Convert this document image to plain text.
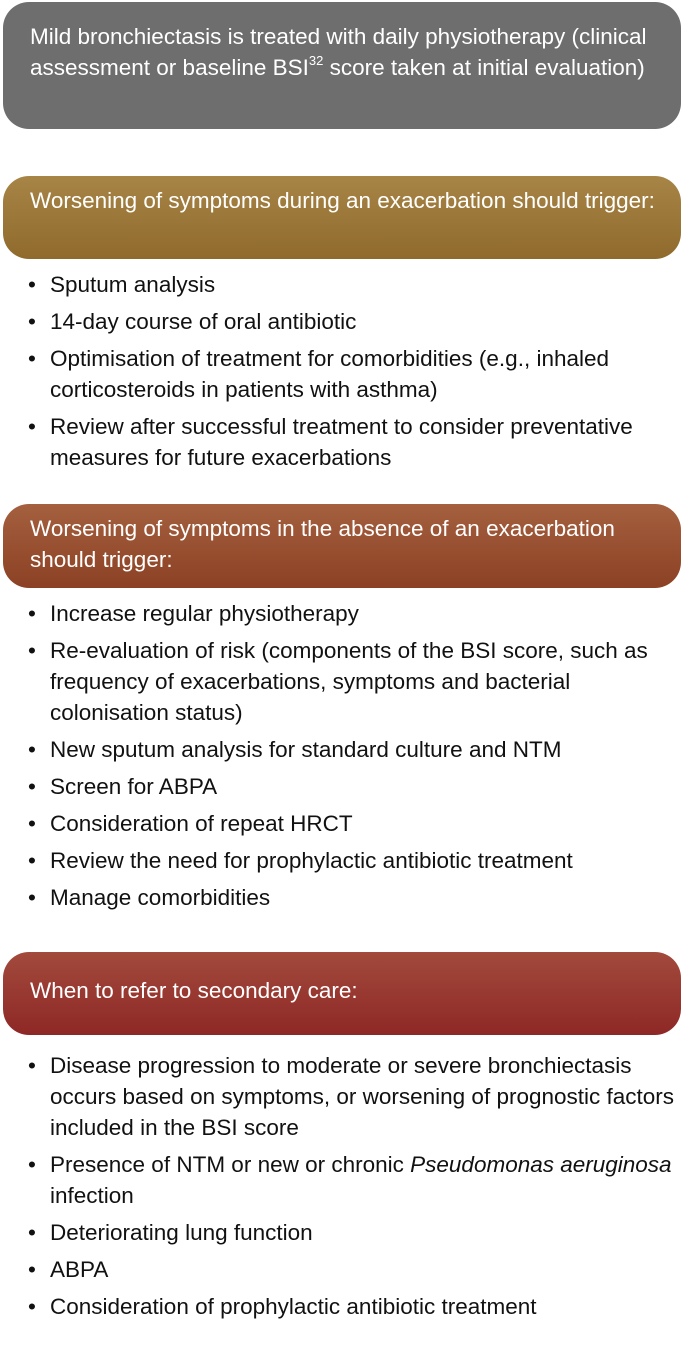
Mild bronchiectasis is treated with daily physiotherapy (clinical assessment or baseline BSI$^{32}$ score taken at initial evaluation)
Worsening of symptoms during an exacerbation should trigger:
• Sputum analysis
• 14-day course of oral antibiotic
• Optimisation of treatment for comorbidities (e.g., inhaled corticosteroids in patients with asthma)
• Review after successful treatment to consider preventative measures for future exacerbations
Worsening of symptoms in the absence of an exacerbation should trigger:
• Increase regular physiotherapy
• Re-evaluation of risk (components of the BSI score, such as frequency of exacerbations, symptoms and bacterial colonisation status)
• New sputum analysis for standard culture and NTM
• Screen for ABPA
• Consideration of repeat HRCT
• Review the need for prophylactic antibiotic treatment
• Manage comorbidities
When to refer to secondary care:
• Disease progression to moderate or severe bronchiectasis occurs based on symptoms, or worsening of prognostic factors included in the BSI score
• Presence of NTM or new or chronic Pseudomonas aeruginosa infection
• Deteriorating lung function
• ABPA
• Consideration of prophylactic antibiotic treatment
